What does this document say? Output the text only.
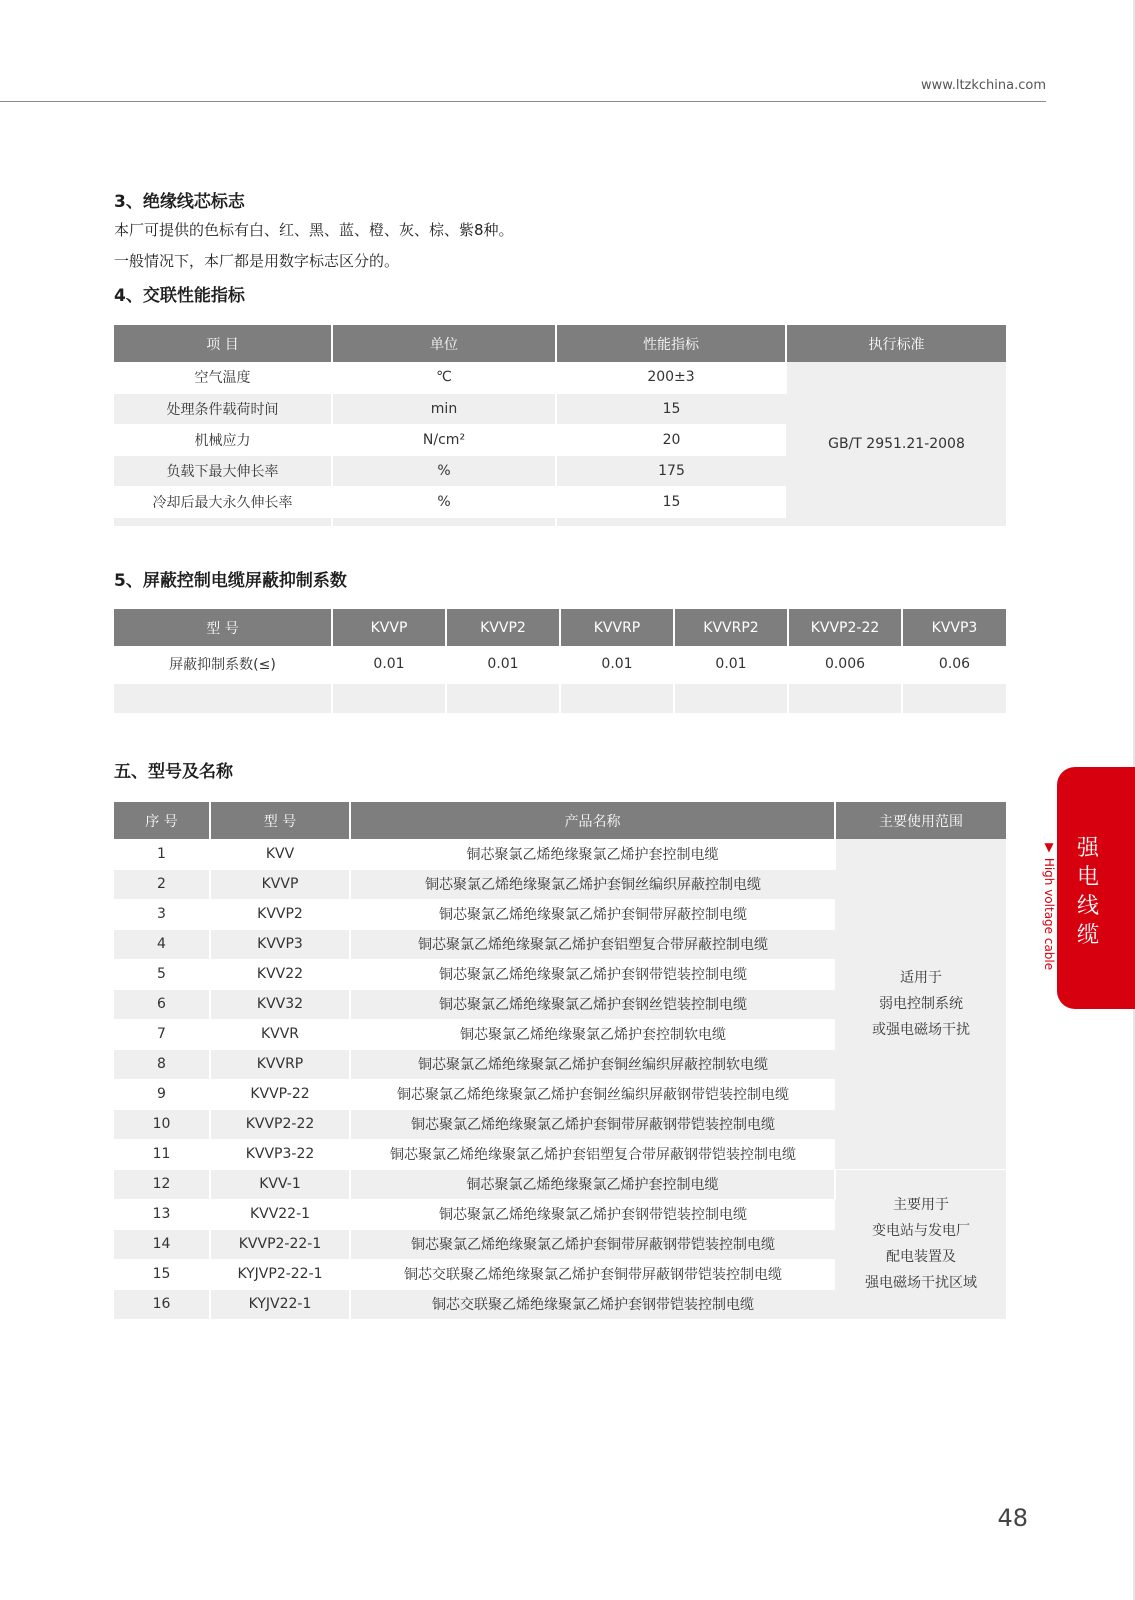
www.ltzkchina.com
3、绝缘线芯标志
本厂可提供的色标有白、红、黑、蓝、橙、灰、棕、紫8种。
一般情况下，本厂都是用数字标志区分的。
4、交联性能指标
项 目	单位	性能指标	执行标准
空气温度	℃	200±3	GB/T 2951.21-2008
处理条件载荷时间	min	15	
机械应力	N/cm²	20	
负载下最大伸长率	%	175	
冷却后最大永久伸长率	%	15	

5、屏蔽控制电缆屏蔽抑制系数
型 号	KVVP	KVVP2	KVVRP	KVVRP2	KVVP2-22	KVVP3
屏蔽抑制系数(≤)	0.01	0.01	0.01	0.01	0.006	0.06

五、型号及名称
序 号	型 号	产品名称	主要使用范围
1	KVV	铜芯聚氯乙烯绝缘聚氯乙烯护套控制电缆	适用于
弱电控制系统
或强电磁场干扰

2	KVVP	铜芯聚氯乙烯绝缘聚氯乙烯护套铜丝编织屏蔽控制电缆	
3	KVVP2	铜芯聚氯乙烯绝缘聚氯乙烯护套铜带屏蔽控制电缆	
4	KVVP3	铜芯聚氯乙烯绝缘聚氯乙烯护套铝塑复合带屏蔽控制电缆	
5	KVV22	铜芯聚氯乙烯绝缘聚氯乙烯护套钢带铠装控制电缆	
6	KVV32	铜芯聚氯乙烯绝缘聚氯乙烯护套钢丝铠装控制电缆	
7	KVVR	铜芯聚氯乙烯绝缘聚氯乙烯护套控制软电缆	
8	KVVRP	铜芯聚氯乙烯绝缘聚氯乙烯护套铜丝编织屏蔽控制软电缆	
9	KVVP-22	铜芯聚氯乙烯绝缘聚氯乙烯护套铜丝编织屏蔽钢带铠装控制电缆	
10	KVVP2-22	铜芯聚氯乙烯绝缘聚氯乙烯护套铜带屏蔽钢带铠装控制电缆	
11	KVVP3-22	铜芯聚氯乙烯绝缘聚氯乙烯护套铝塑复合带屏蔽钢带铠装控制电缆	
12	KVV-1	铜芯聚氯乙烯绝缘聚氯乙烯护套控制电缆	主要用于
变电站与发电厂
配电装置及
强电磁场干扰区域

13	KVV22-1	铜芯聚氯乙烯绝缘聚氯乙烯护套钢带铠装控制电缆	
14	KVVP2-22-1	铜芯聚氯乙烯绝缘聚氯乙烯护套铜带屏蔽钢带铠装控制电缆	
15	KYJVP2-22-1	铜芯交联聚乙烯绝缘聚氯乙烯护套铜带屏蔽钢带铠装控制电缆	
16	KYJV22-1	铜芯交联聚乙烯绝缘聚氯乙烯护套钢带铠装控制电缆	
强电线缆
▼ High voltage cable
48
